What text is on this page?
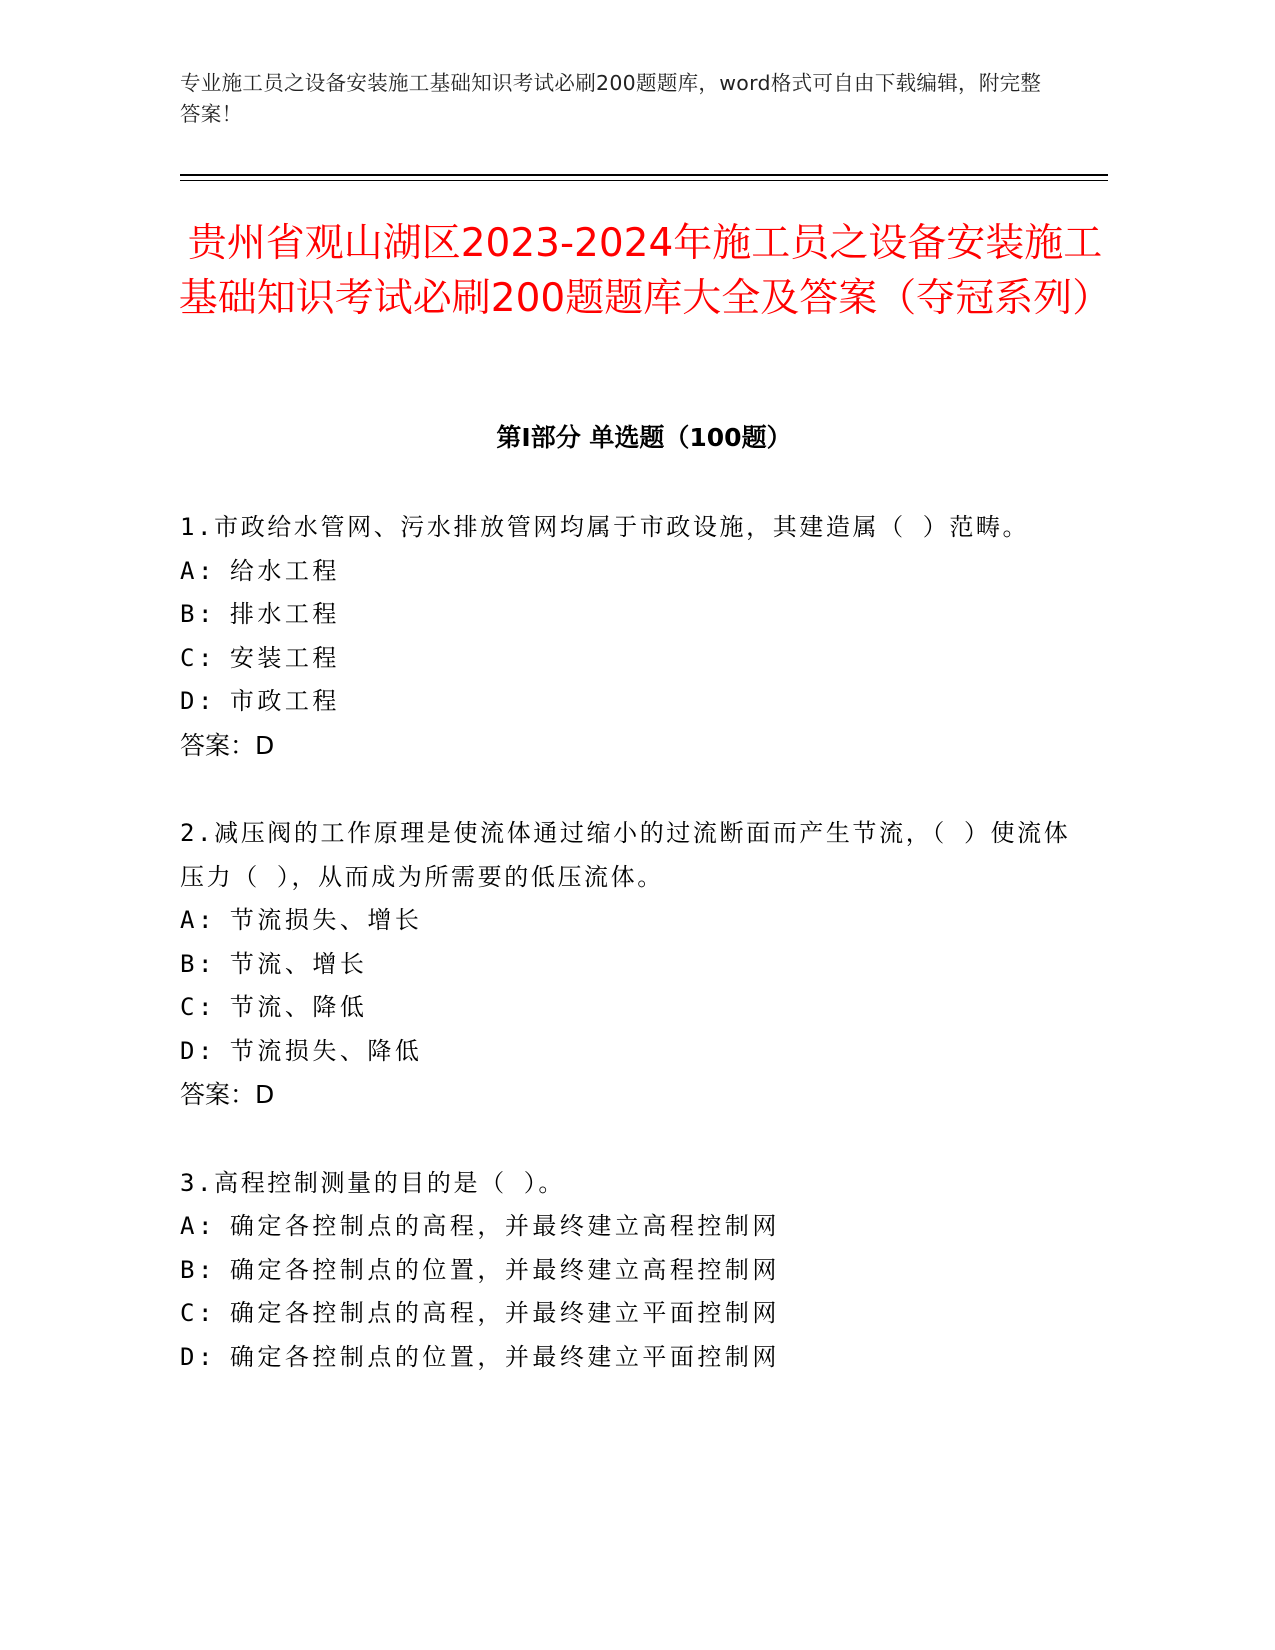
专业施工员之设备安装施工基础知识考试必刷200题题库，word格式可自由下载编辑，附完整答案！
贵州省观山湖区2023-2024年施工员之设备安装施工基础知识考试必刷200题题库大全及答案（夺冠系列）
第I部分 单选题（100题）
1.市政给水管网、污水排放管网均属于市政设施，其建造属（ ）范畴。
A: 给水工程
B: 排水工程
C: 安装工程
D: 市政工程
答案：D
2.减压阀的工作原理是使流体通过缩小的过流断面而产生节流，（ ）使流体压力（ ），从而成为所需要的低压流体。
A: 节流损失、增长
B: 节流、增长
C: 节流、降低
D: 节流损失、降低
答案：D
3.高程控制测量的目的是（ ）。
A: 确定各控制点的高程，并最终建立高程控制网
B: 确定各控制点的位置，并最终建立高程控制网
C: 确定各控制点的高程，并最终建立平面控制网
D: 确定各控制点的位置，并最终建立平面控制网
